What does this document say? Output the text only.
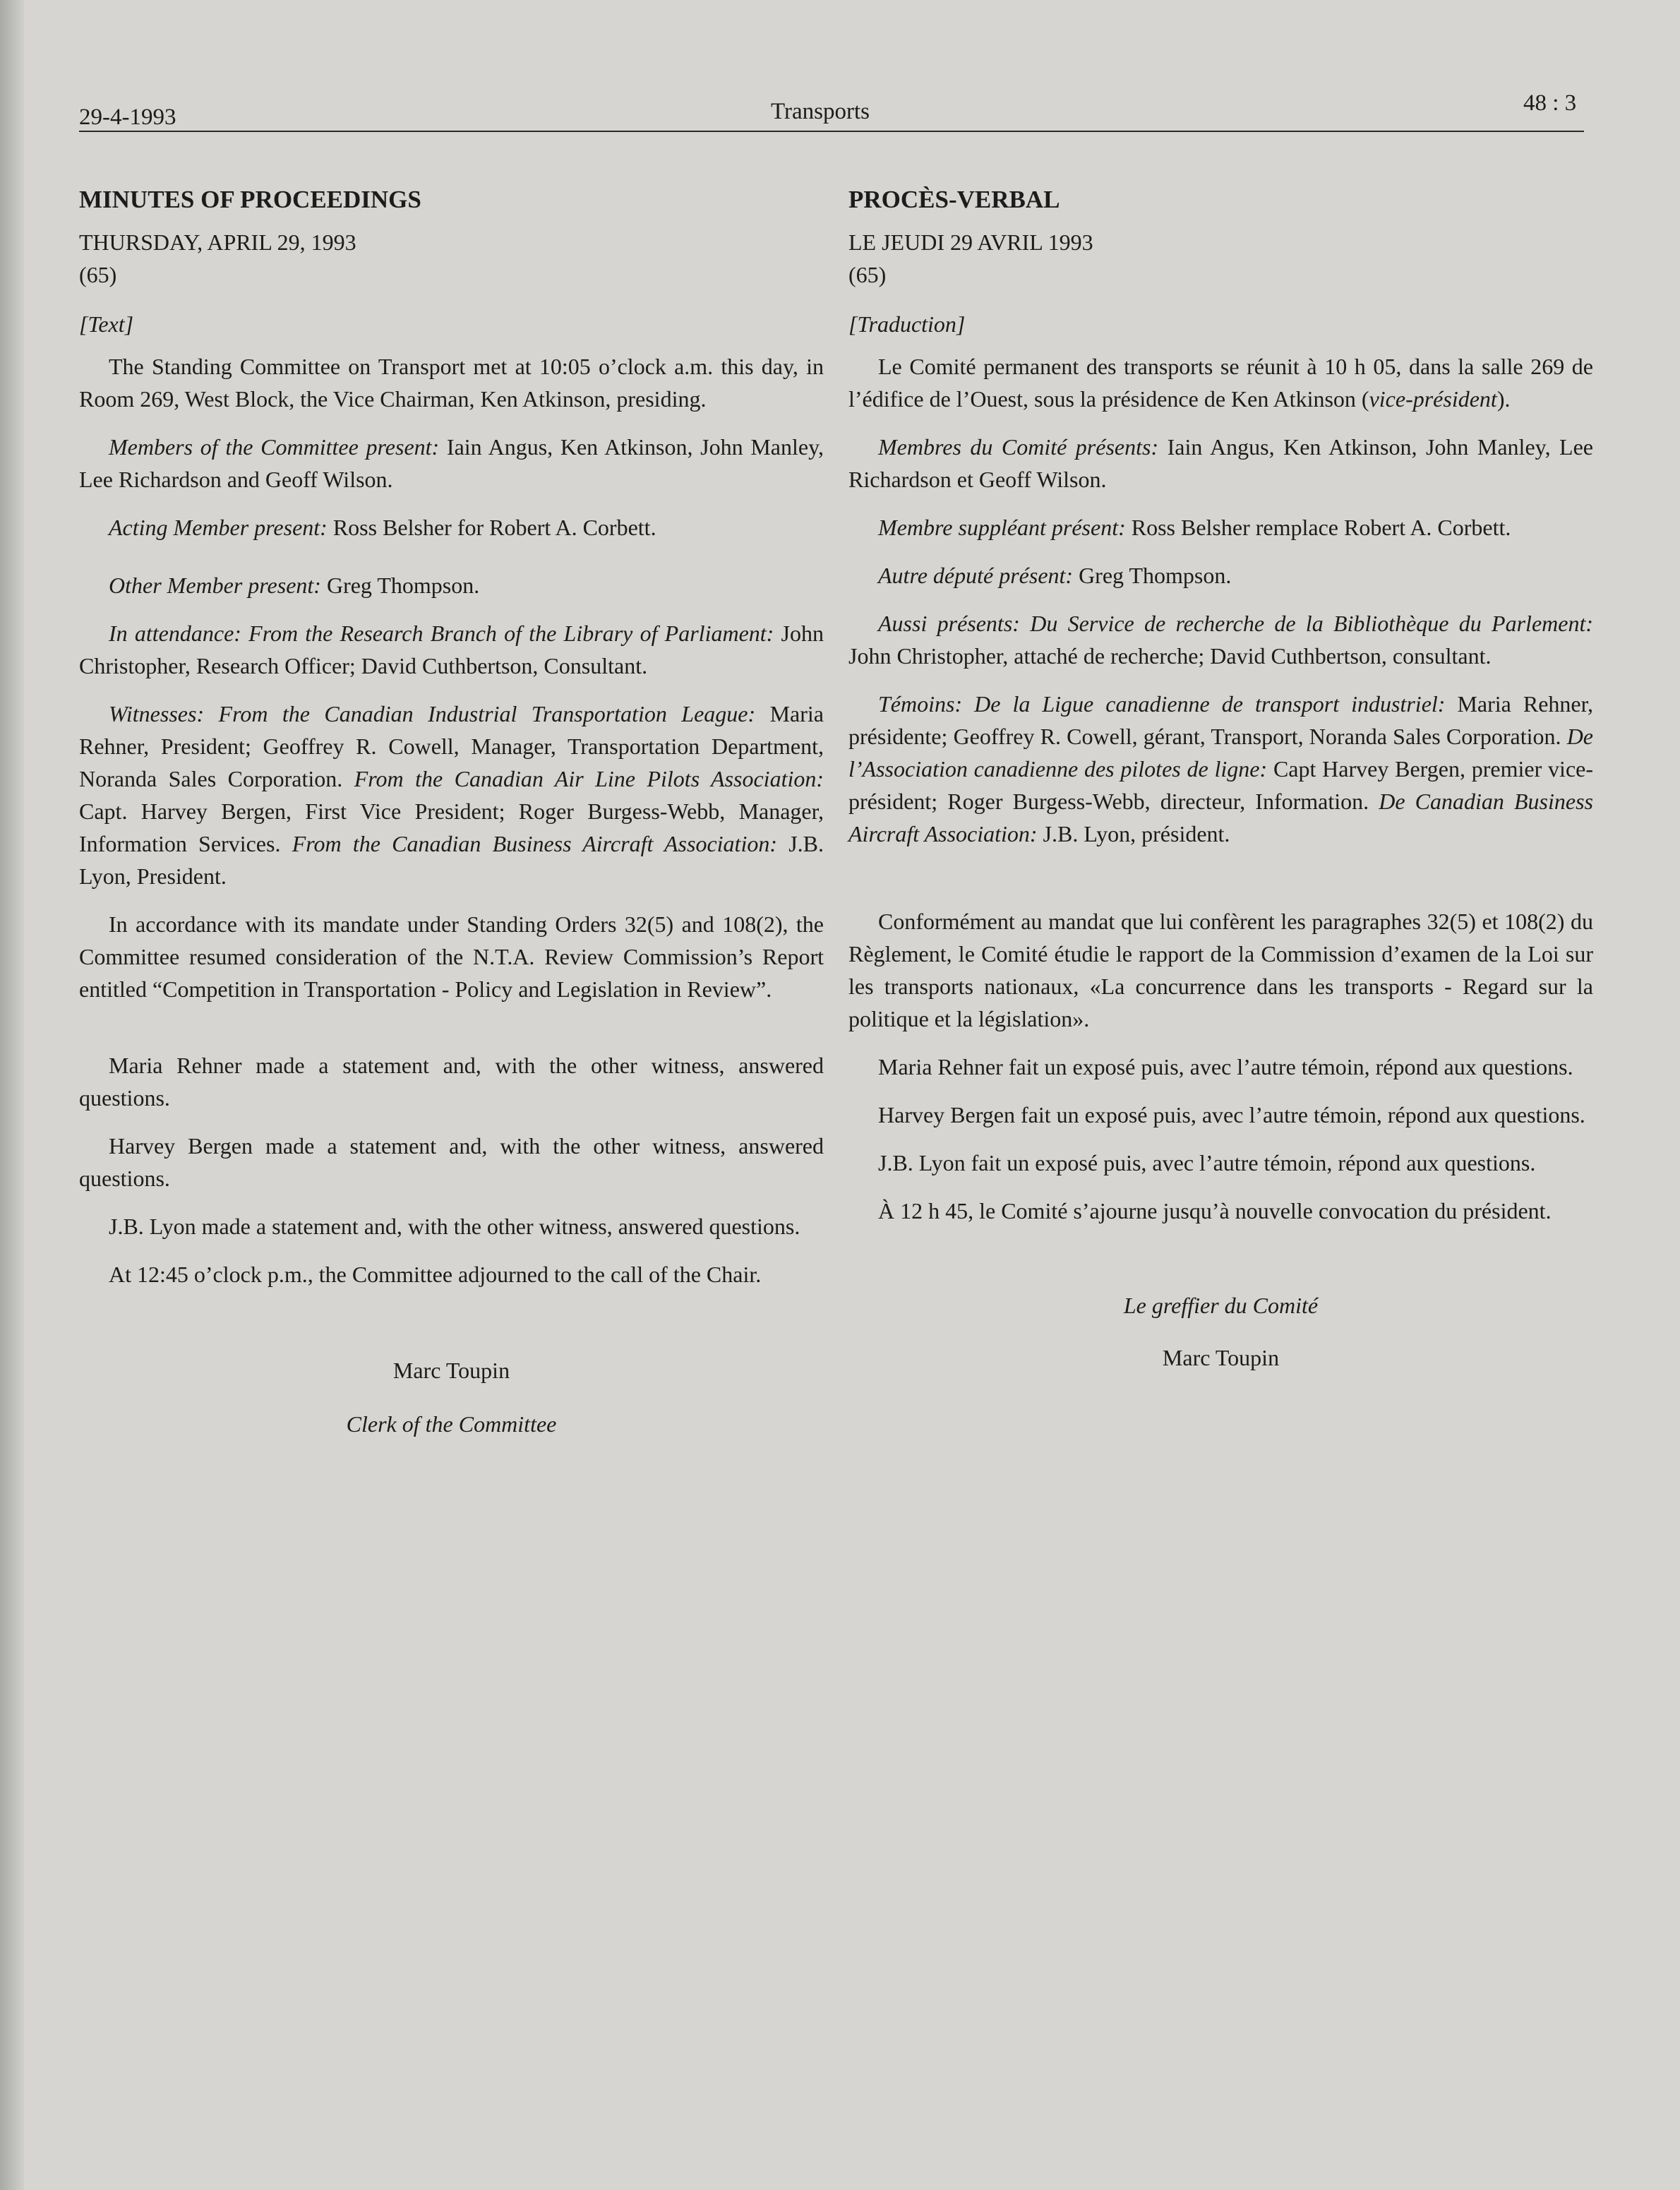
29-4-1993	Transports	48 : 3

MINUTES OF PROCEEDINGS

THURSDAY, APRIL 29, 1993

(65)

[Text]

The Standing Committee on Transport met at 10:05 o’clock a.m. this day, in Room 269, West Block, the Vice Chairman, Ken Atkinson, presiding.

Members of the Committee present: Iain Angus, Ken Atkinson, John Manley, Lee Richardson and Geoff Wilson.

Acting Member present: Ross Belsher for Robert A. Corbett.

Other Member present: Greg Thompson.

In attendance: From the Research Branch of the Library of Parliament: John Christopher, Research Officer; David Cuthbertson, Consultant.

Witnesses: From the Canadian Industrial Transportation League: Maria Rehner, President; Geoffrey R. Cowell, Manager, Transportation Department, Noranda Sales Corporation. From the Canadian Air Line Pilots Association: Capt. Harvey Bergen, First Vice President; Roger Burgess-Webb, Manager, Information Services. From the Canadian Business Aircraft Association: J.B. Lyon, President.

In accordance with its mandate under Standing Orders 32(5) and 108(2), the Committee resumed consideration of the N.T.A. Review Commission’s Report entitled “Competition in Transportation - Policy and Legislation in Review”.

Maria Rehner made a statement and, with the other witness, answered questions.

Harvey Bergen made a statement and, with the other witness, answered questions.

J.B. Lyon made a statement and, with the other witness, answered questions.

At 12:45 o’clock p.m., the Committee adjourned to the call of the Chair.

Marc Toupin

Clerk of the Committee

PROCÈS-VERBAL

LE JEUDI 29 AVRIL 1993

(65)

[Traduction]

Le Comité permanent des transports se réunit à 10 h 05, dans la salle 269 de l’édifice de l’Ouest, sous la présidence de Ken Atkinson (vice-président).

Membres du Comité présents: Iain Angus, Ken Atkinson, John Manley, Lee Richardson et Geoff Wilson.

Membre suppléant présent: Ross Belsher remplace Robert A. Corbett.

Autre député présent: Greg Thompson.

Aussi présents: Du Service de recherche de la Bibliothèque du Parlement: John Christopher, attaché de recherche; David Cuthbertson, consultant.

Témoins: De la Ligue canadienne de transport industriel: Maria Rehner, présidente; Geoffrey R. Cowell, gérant, Transport, Noranda Sales Corporation. De l’Association canadienne des pilotes de ligne: Capt Harvey Bergen, premier vice-président; Roger Burgess-Webb, directeur, Information. De Canadian Business Aircraft Association: J.B. Lyon, président.

Conformément au mandat que lui confèrent les paragraphes 32(5) et 108(2) du Règlement, le Comité étudie le rapport de la Commission d’examen de la Loi sur les transports nationaux, «La concurrence dans les transports - Regard sur la politique et la législation».

Maria Rehner fait un exposé puis, avec l’autre témoin, répond aux questions.

Harvey Bergen fait un exposé puis, avec l’autre témoin, répond aux questions.

J.B. Lyon fait un exposé puis, avec l’autre témoin, répond aux questions.

À 12 h 45, le Comité s’ajourne jusqu’à nouvelle convocation du président.

Le greffier du Comité

Marc Toupin
